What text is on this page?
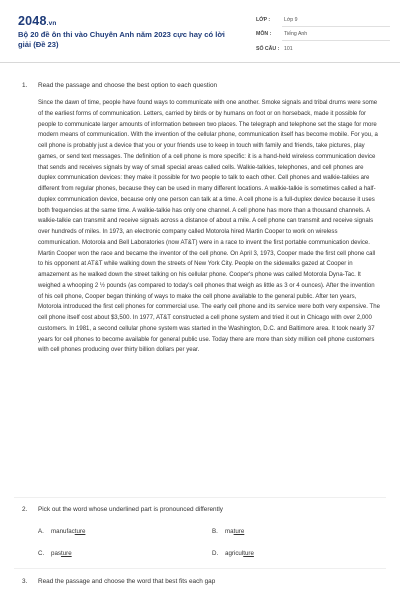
2048.vn
Bộ 20 đề ôn thi vào Chuyên Anh năm 2023 cực hay có lời giải (Đề 23)
LỚP :	Lớp 9
MÔN : Tiếng Anh
SỐ CÂU : 101
1. Read the passage and choose the best option to each question

Since the dawn of time, people have found ways to communicate with one another. Smoke signals and tribal drums were some of the earliest forms of communication. Letters, carried by birds or by humans on foot or on horseback, made it possible for people to communicate larger amounts of information between two places. The telegraph and telephone set the stage for more modern means of communication. With the invention of the cellular phone, communication itself has become mobile. For you, a cell phone is probably just a device that you or your friends use to keep in touch with family and friends, take pictures, play games, or send text messages. The definition of a cell phone is more specific: it is a hand-held wireless communication device that sends and receives signals by way of small special areas called cells. Walkie-talkies, telephones, and cell phones are duplex communication devices: they make it possible for two people to talk to each other. Cell phones and walkie-talkies are different from regular phones, because they can be used in many different locations. A walkie-talkie is sometimes called a half-duplex communication device, because only one person can talk at a time. A cell phone is a full-duplex device because it uses both frequencies at the same time. A walkie-talkie has only one channel. A cell phone has more than a thousand channels. A walkie-talkie can transmit and receive signals across a distance of about a mile. A cell phone can transmit and receive signals over hundreds of miles. In 1973, an electronic company called Motorola hired Martin Cooper to work on wireless communication. Motorola and Bell Laboratories (now AT&T) were in a race to invent the first portable communication device. Martin Cooper won the race and became the inventor of the cell phone. On April 3, 1973, Cooper made the first cell phone call to his opponent at AT&T while walking down the streets of New York City. People on the sidewalks gazed at Cooper in amazement as he walked down the street talking on his cellular phone. Cooper's phone was called Motorola Dyna-Tac. It weighed a whooping 2 ½ pounds (as compared to today's cell phones that weigh as little as 3 or 4 ounces). After the invention of his cell phone, Cooper began thinking of ways to make the cell phone available to the general public. After ten years, Motorola introduced the first cell phones for commercial use. The early cell phone and its service were both very expensive. The cell phone itself cost about $3,500. In 1977, AT&T constructed a cell phone system and tried it out in Chicago with over 2,000 customers. In 1981, a second cellular phone system was started in the Washington, D.C. and Baltimore area. It took nearly 37 years for cell phones to become available for general public use. Today there are more than sixty million cell phone customers with cell phones producing over thirty billion dollars per year.

2. Pick out the word whose underlined part is pronounced differently
A. manufacture	B. mature
C. pasture	D. agriculture
3. Read the passage and choose the word that best fits each gap
